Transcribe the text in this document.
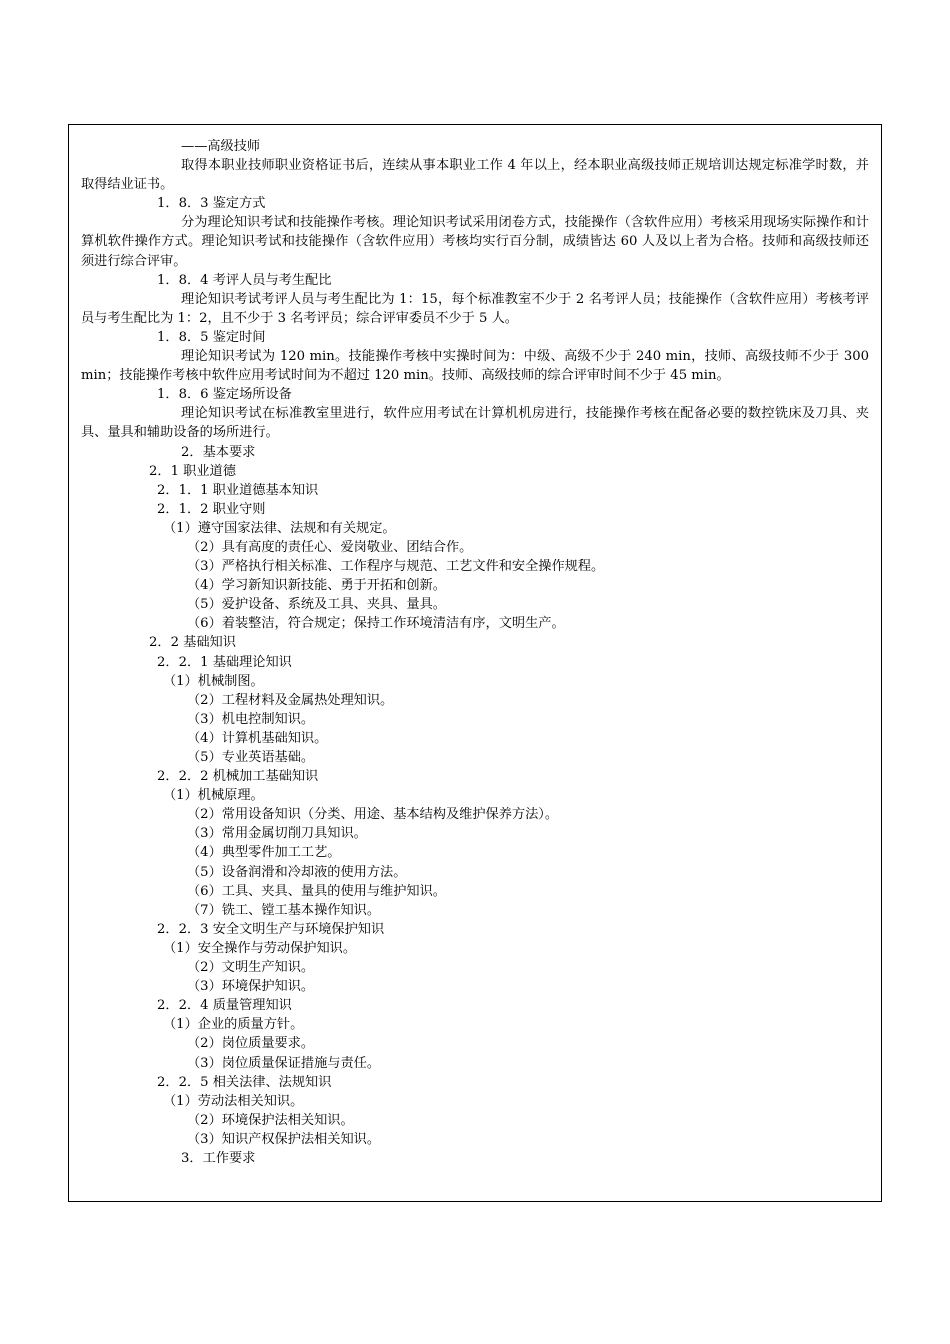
——高级技师

取得本职业技师职业资格证书后，连续从事本职业工作 4 年以上，经本职业高级技师正规培训达规定标准学时数，并取得结业证书。

1．8．3 鉴定方式

分为理论知识考试和技能操作考核。理论知识考试采用闭卷方式，技能操作（含软件应用）考核采用现场实际操作和计算机软件操作方式。理论知识考试和技能操作（含软件应用）考核均实行百分制，成绩皆达 60 人及以上者为合格。技师和高级技师还须进行综合评审。

1．8．4 考评人员与考生配比

理论知识考试考评人员与考生配比为 1：15，每个标准教室不少于 2 名考评人员；技能操作（含软件应用）考核考评员与考生配比为 1：2，且不少于 3 名考评员；综合评审委员不少于 5 人。

1．8．5 鉴定时间

理论知识考试为 120 min。技能操作考核中实操时间为：中级、高级不少于 240 min，技师、高级技师不少于 300 min；技能操作考核中软件应用考试时间为不超过 120 min。技师、高级技师的综合评审时间不少于 45 min。

1．8．6 鉴定场所设备

理论知识考试在标准教室里进行，软件应用考试在计算机机房进行，技能操作考核在配备必要的数控铣床及刀具、夹具、量具和辅助设备的场所进行。

2．基本要求

2．1 职业道德

2．1．1 职业道德基本知识

2．1．2 职业守则

（1）遵守国家法律、法规和有关规定。

（2）具有高度的责任心、爱岗敬业、团结合作。

（3）严格执行相关标准、工作程序与规范、工艺文件和安全操作规程。

（4）学习新知识新技能、勇于开拓和创新。

（5）爱护设备、系统及工具、夹具、量具。

（6）着装整洁，符合规定；保持工作环境清洁有序，文明生产。

2．2 基础知识

2．2．1 基础理论知识

（1）机械制图。

（2）工程材料及金属热处理知识。

（3）机电控制知识。

（4）计算机基础知识。

（5）专业英语基础。

2．2．2 机械加工基础知识

（1）机械原理。

（2）常用设备知识（分类、用途、基本结构及维护保养方法）。

（3）常用金属切削刀具知识。

（4）典型零件加工工艺。

（5）设备润滑和冷却液的使用方法。

（6）工具、夹具、量具的使用与维护知识。

（7）铣工、镗工基本操作知识。

2．2．3 安全文明生产与环境保护知识

（1）安全操作与劳动保护知识。

（2）文明生产知识。

（3）环境保护知识。

2．2．4 质量管理知识

（1）企业的质量方针。

（2）岗位质量要求。

（3）岗位质量保证措施与责任。

2．2．5 相关法律、法规知识

（1）劳动法相关知识。

（2）环境保护法相关知识。

（3）知识产权保护法相关知识。

3．工作要求
